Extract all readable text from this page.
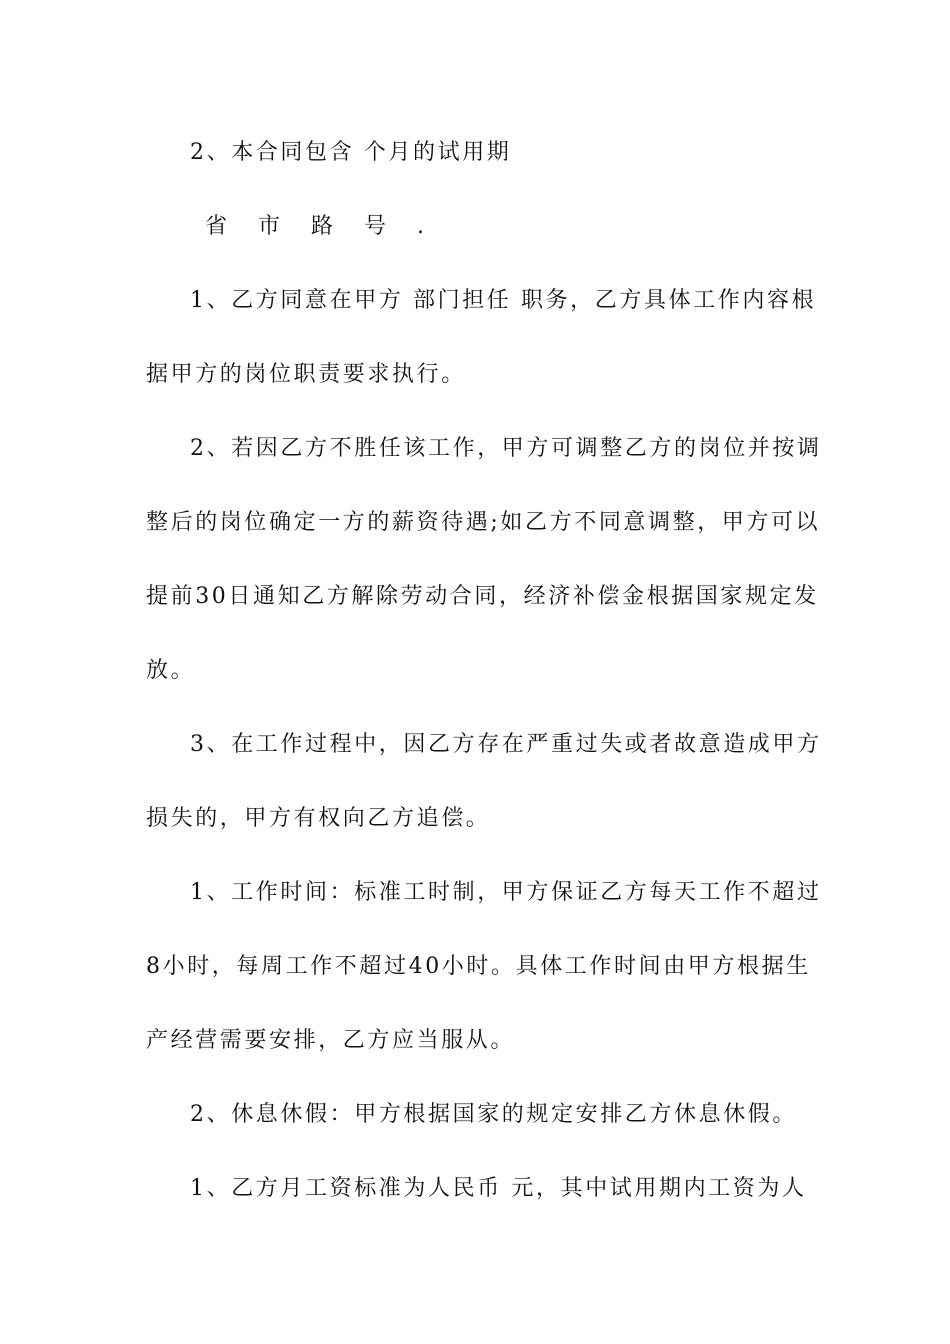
2、本合同包含 个月的试用期
省 市 路 号 .
1、乙方同意在甲方 部门担任 职务，乙方具体工作内容根
据甲方的岗位职责要求执行。
2、若因乙方不胜任该工作，甲方可调整乙方的岗位并按调
整后的岗位确定一方的薪资待遇;如乙方不同意调整，甲方可以
提前30日通知乙方解除劳动合同，经济补偿金根据国家规定发
放。
3、在工作过程中，因乙方存在严重过失或者故意造成甲方
损失的，甲方有权向乙方追偿。
1、工作时间：标准工时制，甲方保证乙方每天工作不超过
8小时，每周工作不超过40小时。具体工作时间由甲方根据生
产经营需要安排，乙方应当服从。
2、休息休假：甲方根据国家的规定安排乙方休息休假。
1、乙方月工资标准为人民币 元，其中试用期内工资为人
